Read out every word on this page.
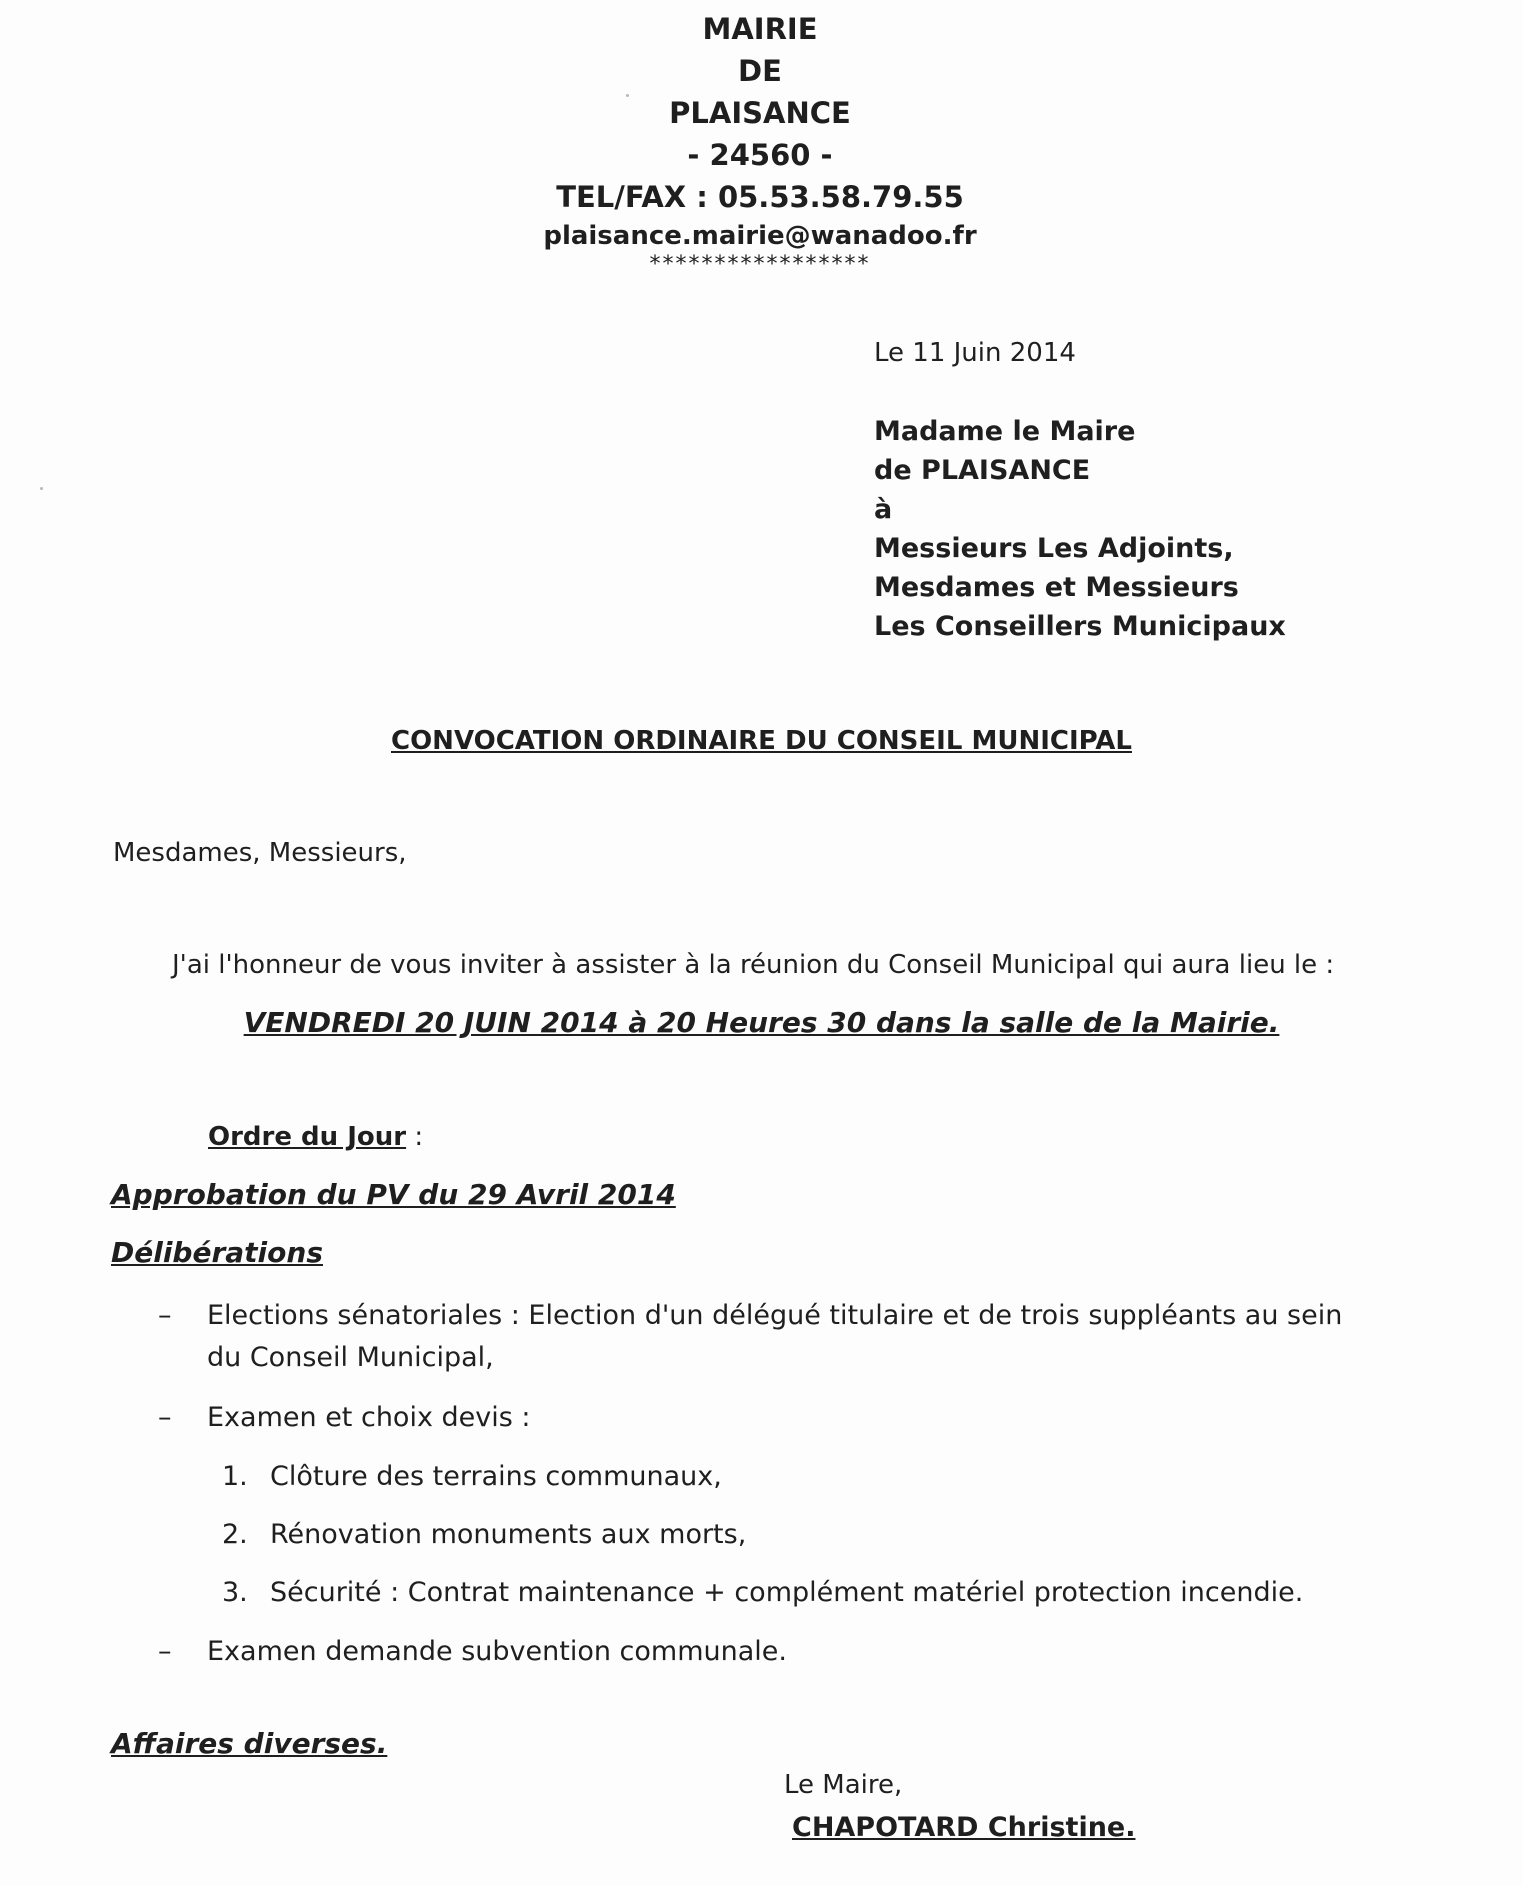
MAIRIE
DE
PLAISANCE
- 24560 -
TEL/FAX : 05.53.58.79.55
plaisance.mairie@wanadoo.fr
*****************
Le 11 Juin 2014
Madame le Maire
de PLAISANCE
à
Messieurs Les Adjoints,
Mesdames et Messieurs
Les Conseillers Municipaux
CONVOCATION ORDINAIRE DU CONSEIL MUNICIPAL
Mesdames, Messieurs,
J'ai l'honneur de vous inviter à assister à la réunion du Conseil Municipal qui aura lieu le :
VENDREDI 20 JUIN 2014 à 20 Heures 30 dans la salle de la Mairie.
Ordre du Jour :
Approbation du PV du 29 Avril 2014
Délibérations
– Elections sénatoriales : Election d'un délégué titulaire et de trois suppléants au sein
du Conseil Municipal,
– Examen et choix devis :
1. Clôture des terrains communaux,
2. Rénovation monuments aux morts,
3. Sécurité : Contrat maintenance + complément matériel protection incendie.
– Examen demande subvention communale.
Affaires diverses.
Le Maire,
CHAPOTARD Christine.
